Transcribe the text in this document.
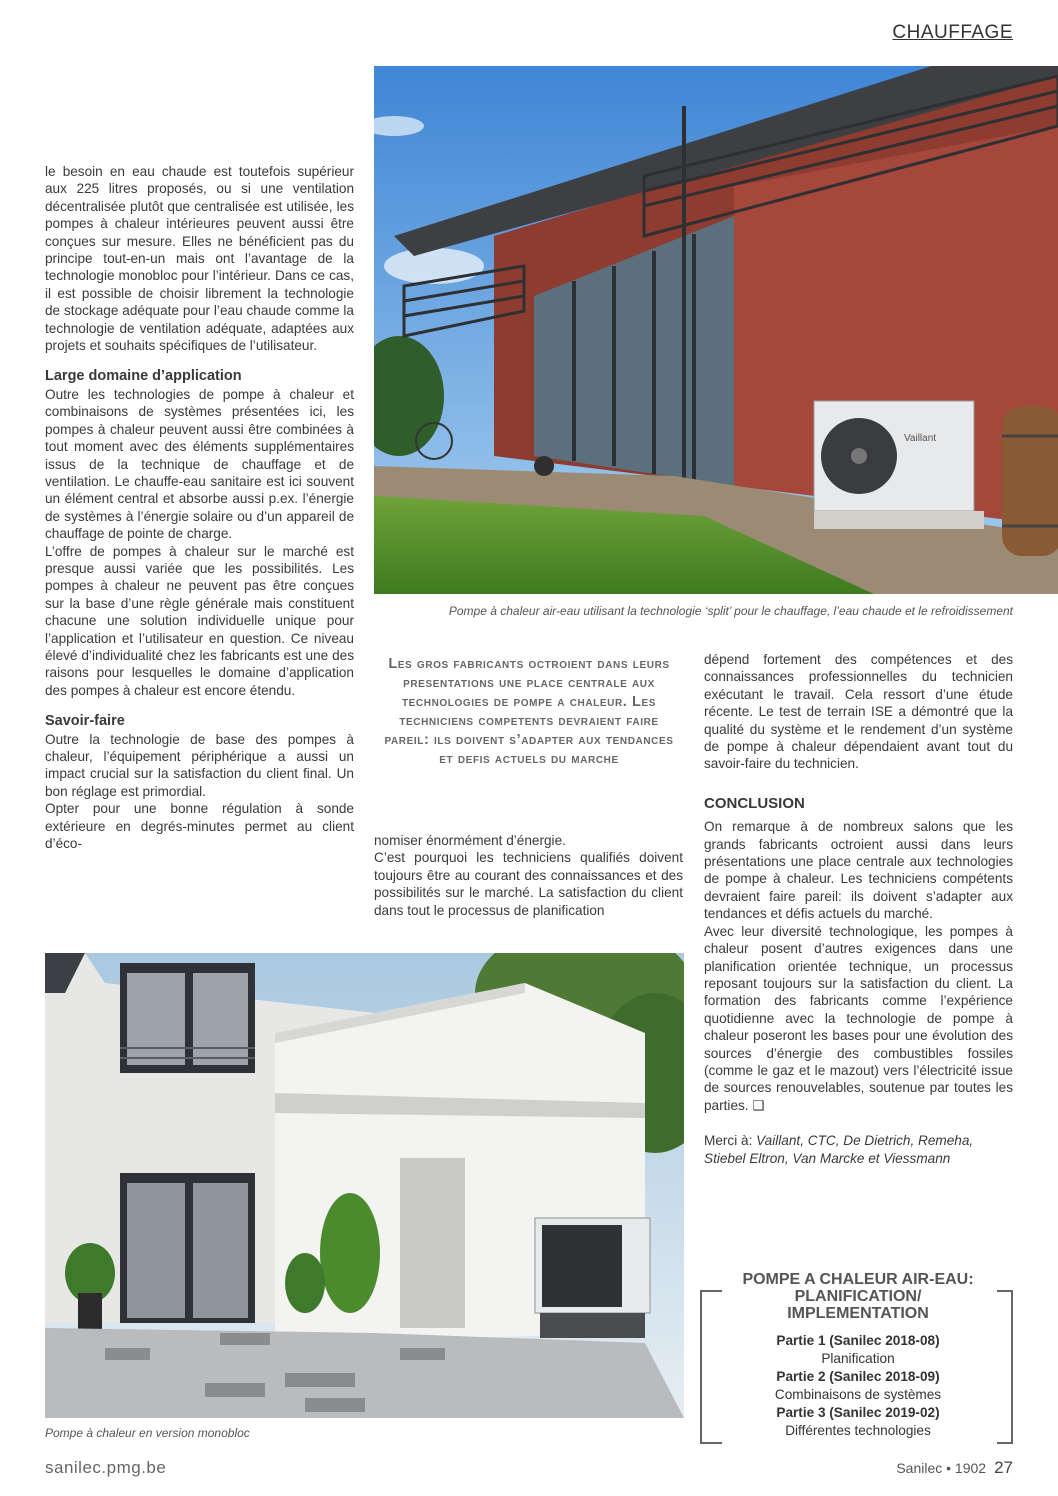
CHAUFFAGE
Vaillant
Pompe à chaleur air-eau utilisant la technologie ‘split’ pour le chauffage, l’eau chaude et le refroidissement

le besoin en eau chaude est toutefois supérieur aux 225 litres proposés, ou si une ventilation décentralisée plutôt que centralisée est utilisée, les pompes à chaleur intérieures peuvent aussi être conçues sur mesure. Elles ne bénéficient pas du principe tout-en-un mais ont l’avantage de la technologie monobloc pour l’intérieur. Dans ce cas, il est possible de choisir librement la technologie de stockage adéquate pour l’eau chaude comme la technologie de ventilation adéquate, adaptées aux projets et souhaits spécifiques de l’utilisateur.

Large domaine d’application

Outre les technologies de pompe à chaleur et combinaisons de systèmes présentées ici, les pompes à chaleur peuvent aussi être combinées à tout moment avec des éléments supplémentaires issus de la technique de chauffage et de ventilation. Le chauffe-eau sanitaire est ici souvent un élément central et absorbe aussi p.ex. l’énergie de systèmes à l’énergie solaire ou d’un appareil de chauffage de pointe de charge.

L’offre de pompes à chaleur sur le marché est presque aussi variée que les possibilités. Les pompes à chaleur ne peuvent pas être conçues sur la base d’une règle générale mais constituent chacune une solution individuelle unique pour l’application et l’utilisateur en question. Ce niveau élevé d’individualité chez les fabricants est une des raisons pour lesquelles le domaine d’application des pompes à chaleur est encore étendu.

Savoir-faire

Outre la technologie de base des pompes à chaleur, l’équipement périphérique a aussi un impact crucial sur la satisfaction du client final. Un bon réglage est primordial.

Opter pour une bonne régulation à sonde extérieure en degrés-minutes permet au client d’éco-

Les gros fabricants octroient dans leurs presentations une place centrale aux technologies de pompe a chaleur. Les techniciens competents devraient faire pareil: ils doivent s’adapter aux tendances et defis actuels du marche

nomiser énormément d’énergie.

C’est pourquoi les techniciens qualifiés doivent toujours être au courant des connaissances et des possibilités sur le marché. La satisfaction du client dans tout le processus de planification

dépend fortement des compétences et des connaissances professionnelles du technicien exécutant le travail. Cela ressort d’une étude récente. Le test de terrain ISE a démontré que la qualité du système et le rendement d’un système de pompe à chaleur dépendaient avant tout du savoir-faire du technicien.

CONCLUSION

On remarque à de nombreux salons que les grands fabricants octroient aussi dans leurs présentations une place centrale aux technologies de pompe à chaleur. Les techniciens compétents devraient faire pareil: ils doivent s’adapter aux tendances et défis actuels du marché.

Avec leur diversité technologique, les pompes à chaleur posent d’autres exigences dans une planification orientée technique, un processus reposant toujours sur la satisfaction du client. La formation des fabricants comme l’expérience quotidienne avec la technologie de pompe à chaleur poseront les bases pour une évolution des sources d’énergie des combustibles fossiles (comme le gaz et le mazout) vers l’électricité issue de sources renouvelables, soutenue par toutes les parties. ❑

Merci à: Vaillant, CTC, De Dietrich, Remeha, Stiebel Eltron, Van Marcke et Viessmann

Pompe à chaleur en version monobloc
POMPE A CHALEUR AIR-EAU:
PLANIFICATION/
IMPLEMENTATION
Partie 1 (Sanilec 2018-08)
Planification
Partie 2 (Sanilec 2018-09)
Combinaisons de systèmes
Partie 3 (Sanilec 2019-02)
Différentes technologies
sanilec.pmg.be	Sanilec • 1902 27
